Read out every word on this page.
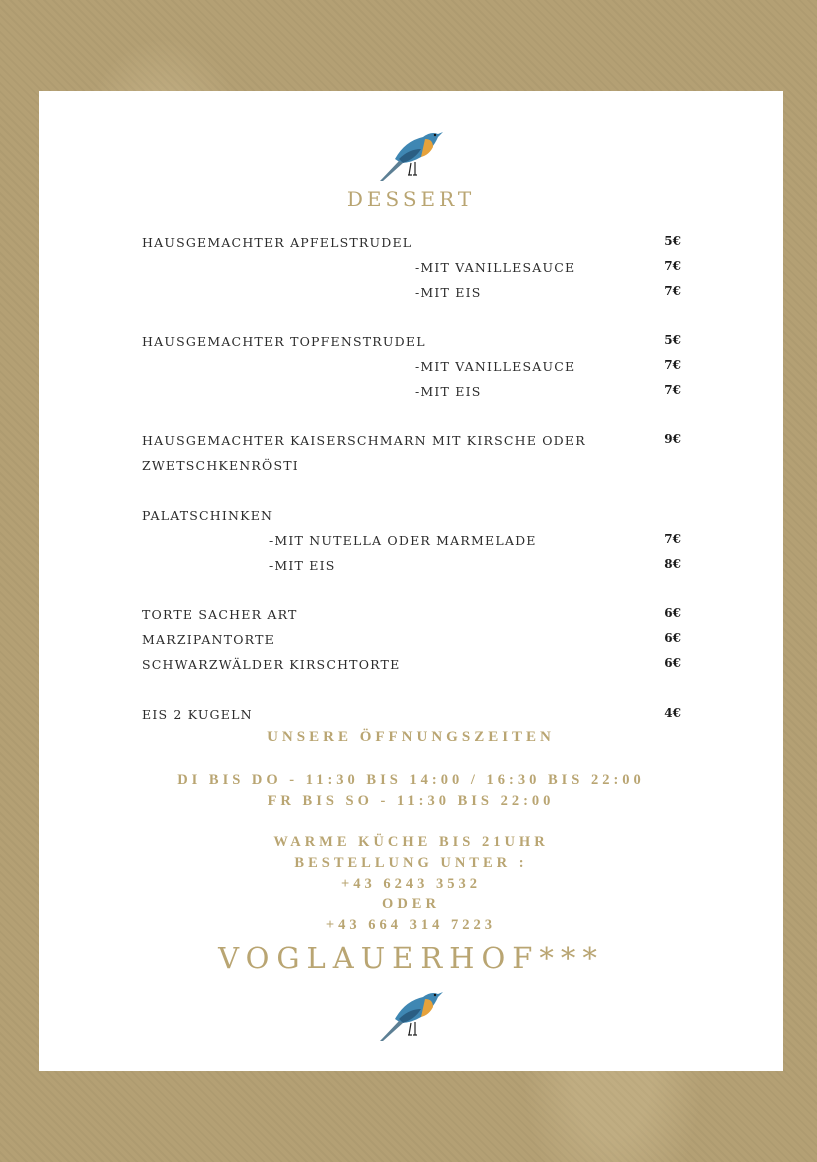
DESSERT
HAUSGEMACHTER APFELSTRUDEL	5€
-MIT VANILLESAUCE	7€
-MIT EIS	7€
HAUSGEMACHTER TOPFENSTRUDEL	5€
-MIT VANILLESAUCE	7€
-MIT EIS	7€
HAUSGEMACHTER KAISERSCHMARN MIT KIRSCHE ODER	9€
ZWETSCHKENRÖSTI
PALATSCHINKEN
-MIT NUTELLA ODER MARMELADE	7€
-MIT EIS	8€
TORTE SACHER ART	6€
MARZIPANTORTE	6€
SCHWARZWÄLDER KIRSCHTORTE	6€
EIS 2 KUGELN	4€
UNSERE ÖFFNUNGSZEITEN
DI BIS DO - 11:30 BIS 14:00 / 16:30 BIS 22:00
FR BIS SO - 11:30 BIS 22:00
WARME KÜCHE BIS 21UHR
BESTELLUNG UNTER :
+43 6243 3532
ODER
+43 664 314 7223
VOGLAUERHOF***
